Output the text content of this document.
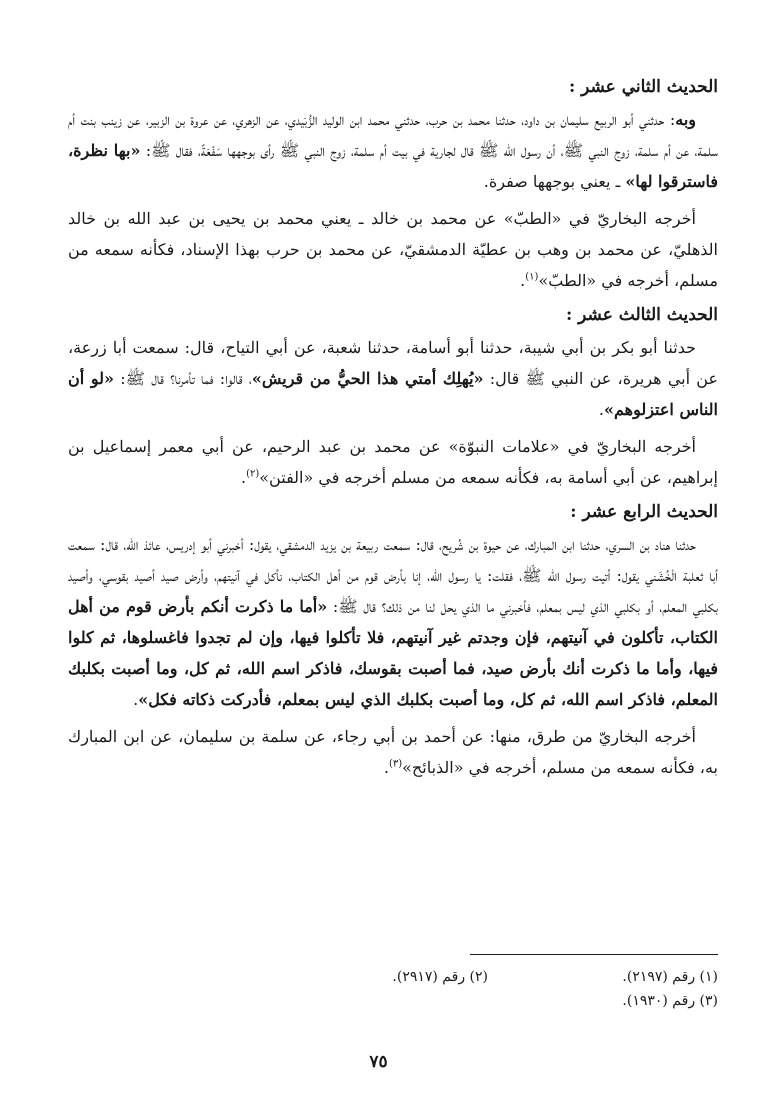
الحديث الثاني عشر :

وبه: حدثني أبو الربيع سليمان بن داود، حدثنا محمد بن حرب، حدثني محمد ابن الوليد الزُّبَيدي، عن الزهري، عن عروة بن الزبير، عن زينب بنت أم سلمة، عن أم سلمة، زوج النبي ﷺ، أن رسول الله ﷺ قال لجارية في بيت أم سلمة، زوج النبي ﷺ رأى بوجهها سَفْعَةً، فقال ﷺ: «بها نظرة، فاسترقوا لها» ـ يعني بوجهها صفرة.

أخرجه البخاريّ في «الطبّ» عن محمد بن خالد ـ يعني محمد بن يحيى بن عبد الله بن خالد الذهليّ، عن محمد بن وهب بن عطيّة الدمشقيّ، عن محمد بن حرب بهذا الإسناد، فكأنه سمعه من مسلم، أخرجه في «الطبّ»$^{(١)}$.

الحديث الثالث عشر :

حدثنا أبو بكر بن أبي شيبة، حدثنا أبو أسامة، حدثنا شعبة، عن أبي التياح، قال: سمعت أبا زرعة، عن أبي هريرة، عن النبي ﷺ قال: «يُهلِك أمتي هذا الحيُّ من قريش»، قالوا: فما تأمرنا؟ قال ﷺ: «لو أن الناس اعتزلوهم».

أخرجه البخاريّ في «علامات النبوّة» عن محمد بن عبد الرحيم، عن أبي معمر إسماعيل بن إبراهيم، عن أبي أسامة به، فكأنه سمعه من مسلم أخرجه في «الفتن»$^{(٢)}$.

الحديث الرابع عشر :

حدثنا هناد بن السري، حدثنا ابن المبارك، عن حيوة بن شُريح، قال: سمعت ربيعة بن يزيد الدمشقي، يقول: أخبرني أبو إدريس، عائذ الله، قال: سمعت أبا ثعلبة الْخُشَني يقول: أتيت رسول الله ﷺ، فقلت: يا رسول الله، إنا بأرض قوم من أهل الكتاب، نأكل في آنيتهم، وأرض صيد أصيد بقوسي، وأصيد بكلبي المعلم، أو بكلبي الذي ليس بمعلم، فأخبرني ما الذي يحل لنا من ذلك؟ قال ﷺ: «أما ما ذكرت أنكم بأرض قوم من أهل الكتاب، تأكلون في آنيتهم، فإن وجدتم غير آنيتهم، فلا تأكلوا فيها، وإن لم تجدوا فاغسلوها، ثم كلوا فيها، وأما ما ذكرت أنك بأرض صيد، فما أصبت بقوسك، فاذكر اسم الله، ثم كل، وما أصبت بكلبك المعلم، فاذكر اسم الله، ثم كل، وما أصبت بكلبك الذي ليس بمعلم، فأدركت ذكاته فكل».

أخرجه البخاريّ من طرق، منها: عن أحمد بن أبي رجاء، عن سلمة بن سليمان، عن ابن المبارك به، فكأنه سمعه من مسلم، أخرجه في «الذبائح»$^{(٣)}$.

(١) رقم (٢١٩٧).
(٢) رقم (٢٩١٧).
(٣) رقم (١٩٣٠).
٧٥
